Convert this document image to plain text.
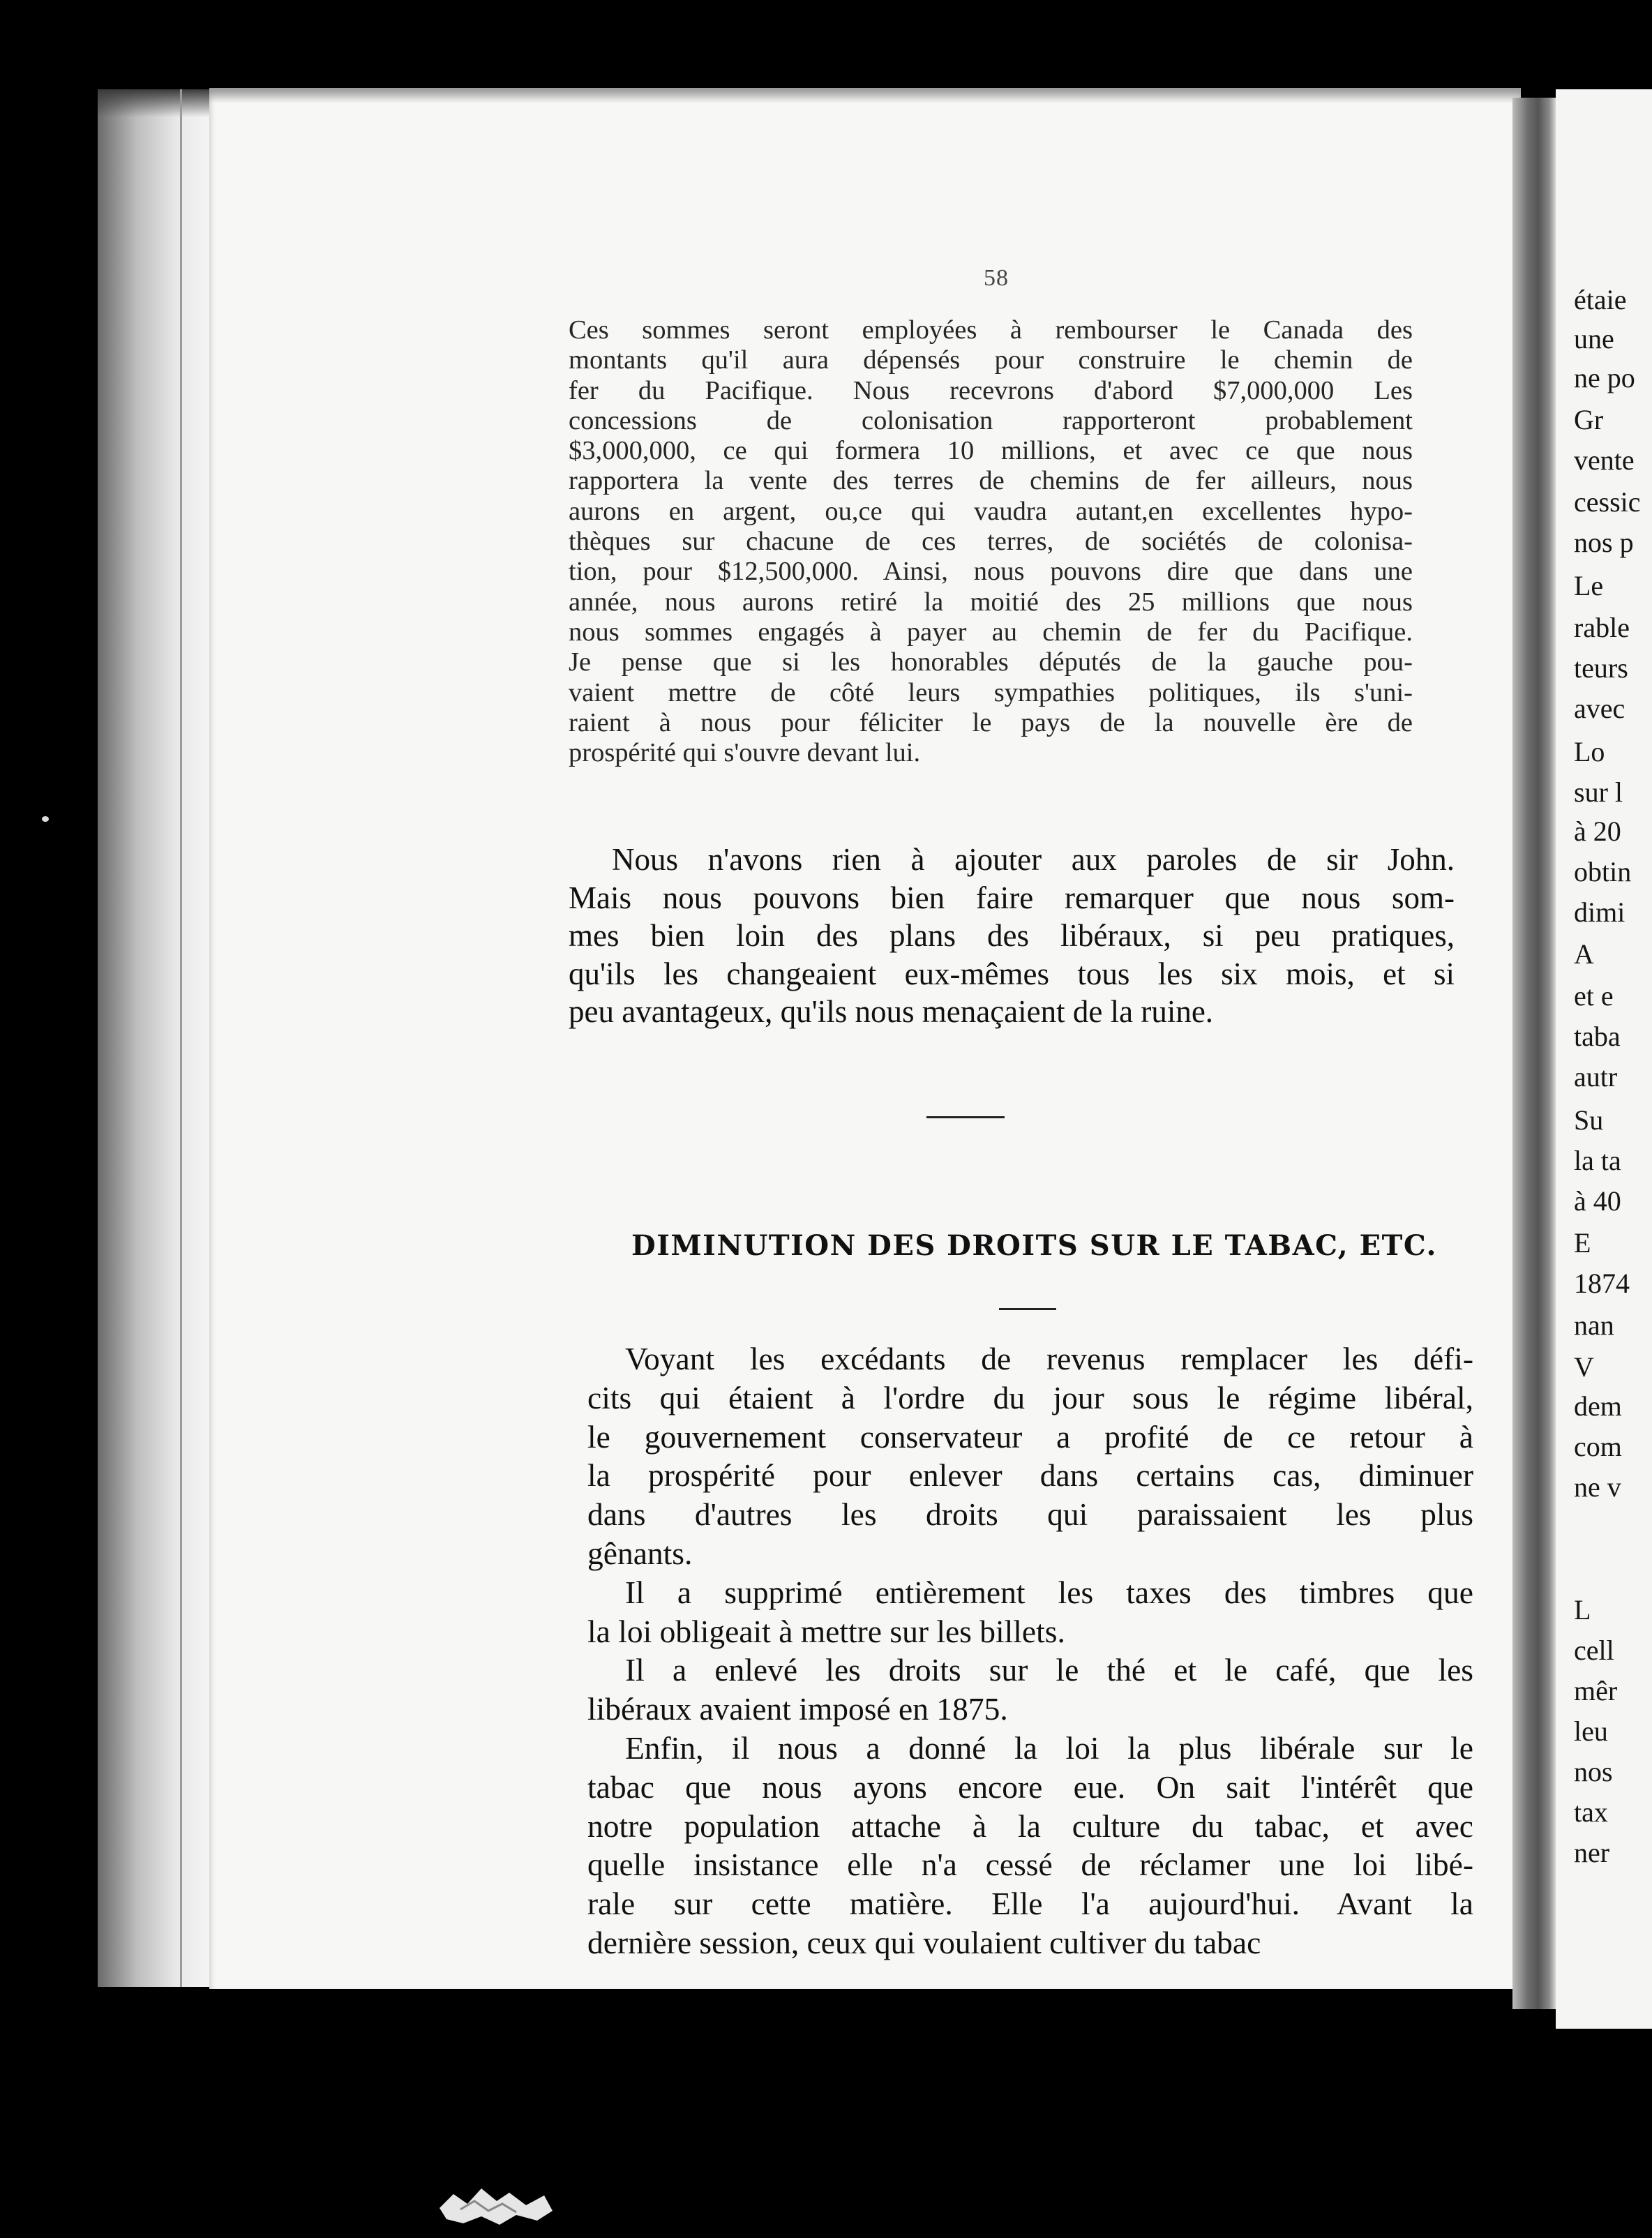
58
Ces sommes seront employées à rembourser le Canada des
montants qu'il aura dépensés pour construire le chemin de
fer du Pacifique. Nous recevrons d'abord $7,000,000 Les
concessions de colonisation rapporteront probablement
$3,000,000, ce qui formera 10 millions, et avec ce que nous
rapportera la vente des terres de chemins de fer ailleurs, nous
aurons en argent, ou,ce qui vaudra autant,en excellentes hypo-
thèques sur chacune de ces terres, de sociétés de colonisa-
tion, pour $12,500,000. Ainsi, nous pouvons dire que dans une
année, nous aurons retiré la moitié des 25 millions que nous
nous sommes engagés à payer au chemin de fer du Pacifique.
Je pense que si les honorables députés de la gauche pou-
vaient mettre de côté leurs sympathies politiques, ils s'uni-
raient à nous pour féliciter le pays de la nouvelle ère de
prospérité qui s'ouvre devant lui.
Nous n'avons rien à ajouter aux paroles de sir John.
Mais nous pouvons bien faire remarquer que nous som-
mes bien loin des plans des libéraux, si peu pratiques,
qu'ils les changeaient eux-mêmes tous les six mois, et si
peu avantageux, qu'ils nous menaçaient de la ruine.
DIMINUTION DES DROITS SUR LE TABAC, ETC.
Voyant les excédants de revenus remplacer les défi-
cits qui étaient à l'ordre du jour sous le régime libéral,
le gouvernement conservateur a profité de ce retour à
la prospérité pour enlever dans certains cas, diminuer
dans d'autres les droits qui paraissaient les plus
gênants.
Il a supprimé entièrement les taxes des timbres que
la loi obligeait à mettre sur les billets.
Il a enlevé les droits sur le thé et le café, que les
libéraux avaient imposé en 1875.
Enfin, il nous a donné la loi la plus libérale sur le
tabac que nous ayons encore eue. On sait l'intérêt que
notre population attache à la culture du tabac, et avec
quelle insistance elle n'a cessé de réclamer une loi libé-
rale sur cette matière. Elle l'a aujourd'hui. Avant la
dernière session, ceux qui voulaient cultiver du tabac
étaie
une
ne po
Gr
vente
cessic
nos p
Le
rable
teurs
avec
Lo
sur l
à 20
obtin
dimi
A
et e
taba
autr
Su
la ta
à 40
E
1874
nan
V
dem
com
ne v
L
cell
mêr
leu
nos
tax
ner
